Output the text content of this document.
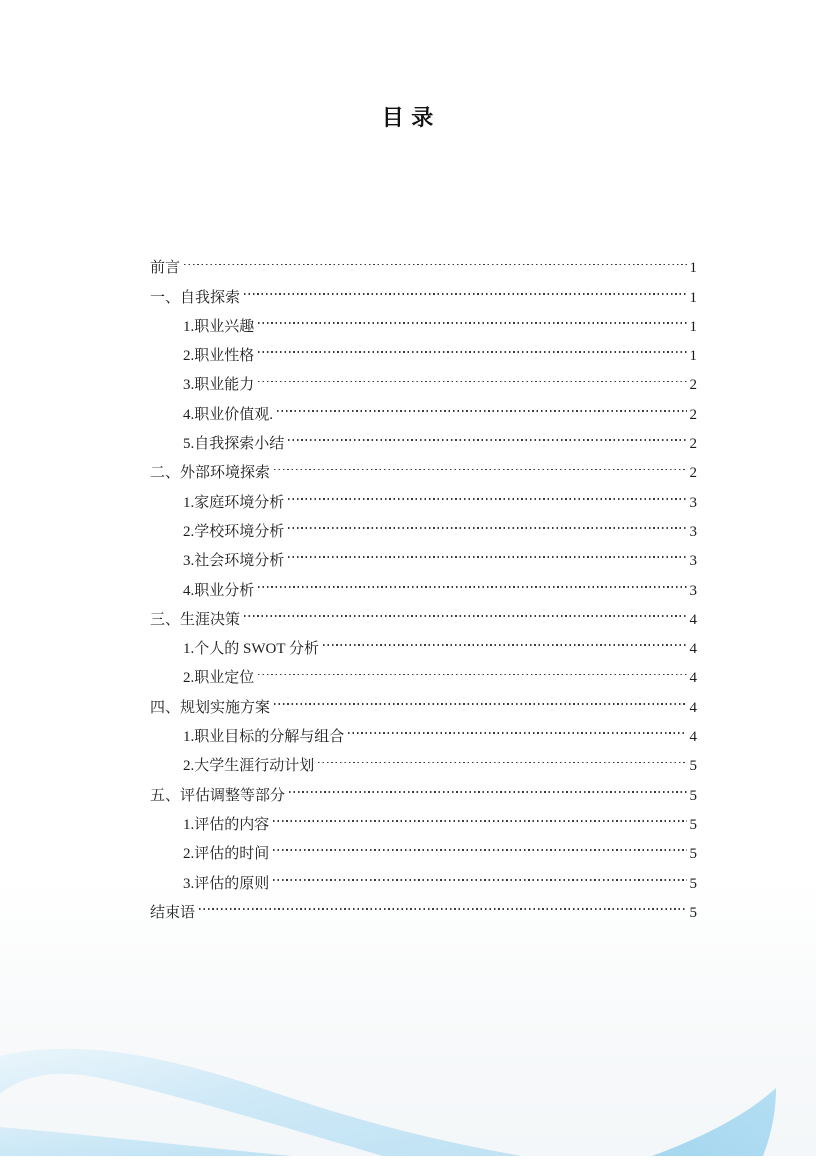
目 录
前言	1
一、自我探索	1
1.职业兴趣	1
2.职业性格	1
3.职业能力	2
4.职业价值观.	2
5.自我探索小结	2
二、外部环境探索	2
1.家庭环境分析	3
2.学校环境分析	3
3.社会环境分析	3
4.职业分析	3
三、生涯决策	4
1.个人的 SWOT 分析	4
2.职业定位	4
四、规划实施方案	4
1.职业目标的分解与组合	4
2.大学生涯行动计划	5
五、评估调整等部分	5
1.评估的内容	5
2.评估的时间	5
3.评估的原则	5
结束语	5
